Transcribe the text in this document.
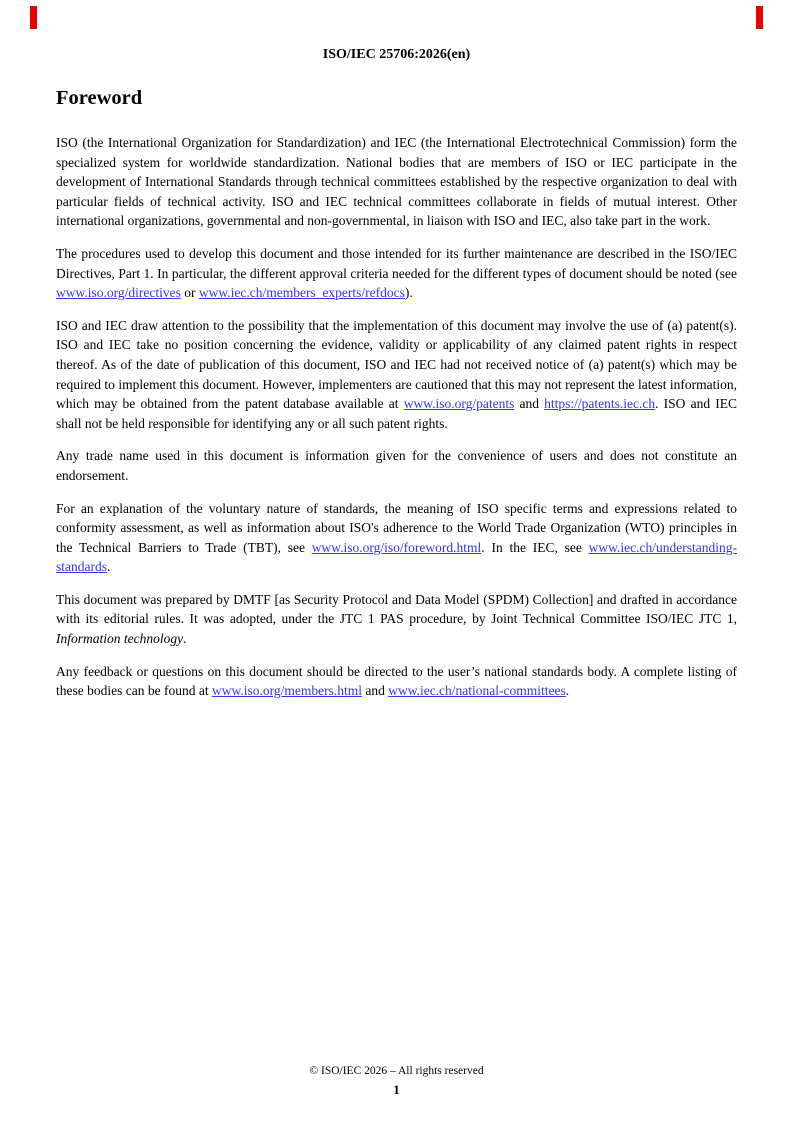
ISO/IEC 25706:2026(en)
Foreword

ISO (the International Organization for Standardization) and IEC (the International Electrotechnical Commission) form the specialized system for worldwide standardization. National bodies that are members of ISO or IEC participate in the development of International Standards through technical committees established by the respective organization to deal with particular fields of technical activity. ISO and IEC technical committees collaborate in fields of mutual interest. Other international organizations, governmental and non-governmental, in liaison with ISO and IEC, also take part in the work.

The procedures used to develop this document and those intended for its further maintenance are described in the ISO/IEC Directives, Part 1. In particular, the different approval criteria needed for the different types of document should be noted (see www.iso.org/directives or www.iec.ch/members_experts/refdocs).

ISO and IEC draw attention to the possibility that the implementation of this document may involve the use of (a) patent(s). ISO and IEC take no position concerning the evidence, validity or applicability of any claimed patent rights in respect thereof. As of the date of publication of this document, ISO and IEC had not received notice of (a) patent(s) which may be required to implement this document. However, implementers are cautioned that this may not represent the latest information, which may be obtained from the patent database available at www.iso.org/patents and https://patents.iec.ch. ISO and IEC shall not be held responsible for identifying any or all such patent rights.

Any trade name used in this document is information given for the convenience of users and does not constitute an endorsement.

For an explanation of the voluntary nature of standards, the meaning of ISO specific terms and expressions related to conformity assessment, as well as information about ISO's adherence to the World Trade Organization (WTO) principles in the Technical Barriers to Trade (TBT), see www.iso.org/iso/foreword.html. In the IEC, see www.iec.ch/understanding-standards.

This document was prepared by DMTF [as Security Protocol and Data Model (SPDM) Collection] and drafted in accordance with its editorial rules. It was adopted, under the JTC 1 PAS procedure, by Joint Technical Committee ISO/IEC JTC 1, Information technology.

Any feedback or questions on this document should be directed to the user’s national standards body. A complete listing of these bodies can be found at www.iso.org/members.html and www.iec.ch/national-committees.

© ISO/IEC 2026 – All rights reserved
1
